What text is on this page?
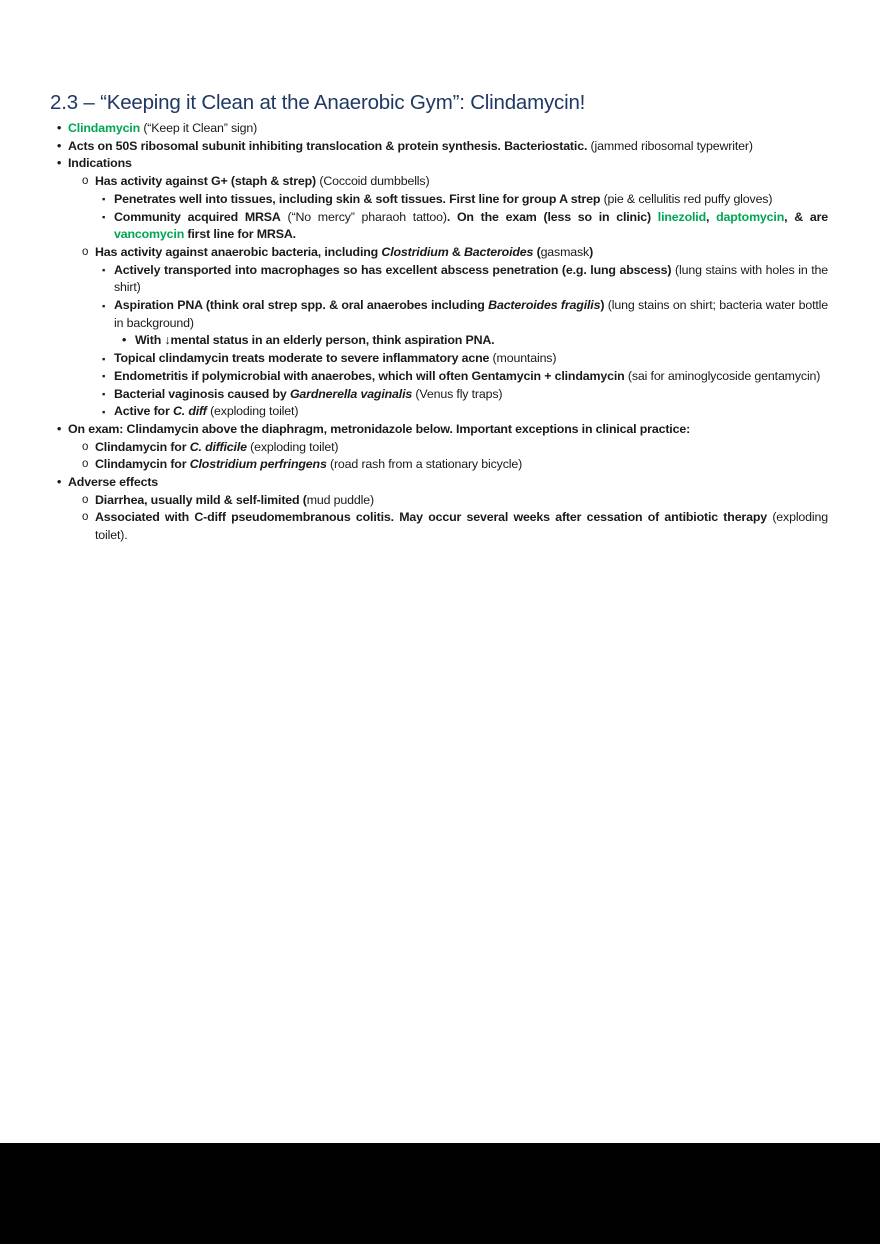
2.3 – “Keeping it Clean at the Anaerobic Gym”: Clindamycin!
• Clindamycin (“Keep it Clean” sign)
• Acts on 50S ribosomal subunit inhibiting translocation & protein synthesis. Bacteriostatic. (jammed ribosomal typewriter)
• Indications
o Has activity against G+ (staph & strep) (Coccoid dumbbells)
▪ Penetrates well into tissues, including skin & soft tissues. First line for group A strep (pie & cellulitis red puffy gloves)
▪ Community acquired MRSA (“No mercy” pharaoh tattoo). On the exam (less so in clinic) linezolid, daptomycin, & are vancomycin first line for MRSA.
o Has activity against anaerobic bacteria, including Clostridium & Bacteroides (gasmask)
▪ Actively transported into macrophages so has excellent abscess penetration (e.g. lung abscess) (lung stains with holes in the shirt)
▪ Aspiration PNA (think oral strep spp. & oral anaerobes including Bacteroides fragilis) (lung stains on shirt; bacteria water bottle in background)
• With ↓mental status in an elderly person, think aspiration PNA.
▪ Topical clindamycin treats moderate to severe inflammatory acne (mountains)
▪ Endometritis if polymicrobial with anaerobes, which will often Gentamycin + clindamycin (sai for aminoglycoside gentamycin)
▪ Bacterial vaginosis caused by Gardnerella vaginalis (Venus fly traps)
▪ Active for C. diff (exploding toilet)
• On exam: Clindamycin above the diaphragm, metronidazole below. Important exceptions in clinical practice:
o Clindamycin for C. difficile (exploding toilet)
o Clindamycin for Clostridium perfringens (road rash from a stationary bicycle)
• Adverse effects
o Diarrhea, usually mild & self-limited (mud puddle)
o Associated with C-diff pseudomembranous colitis. May occur several weeks after cessation of antibiotic therapy (exploding toilet).
